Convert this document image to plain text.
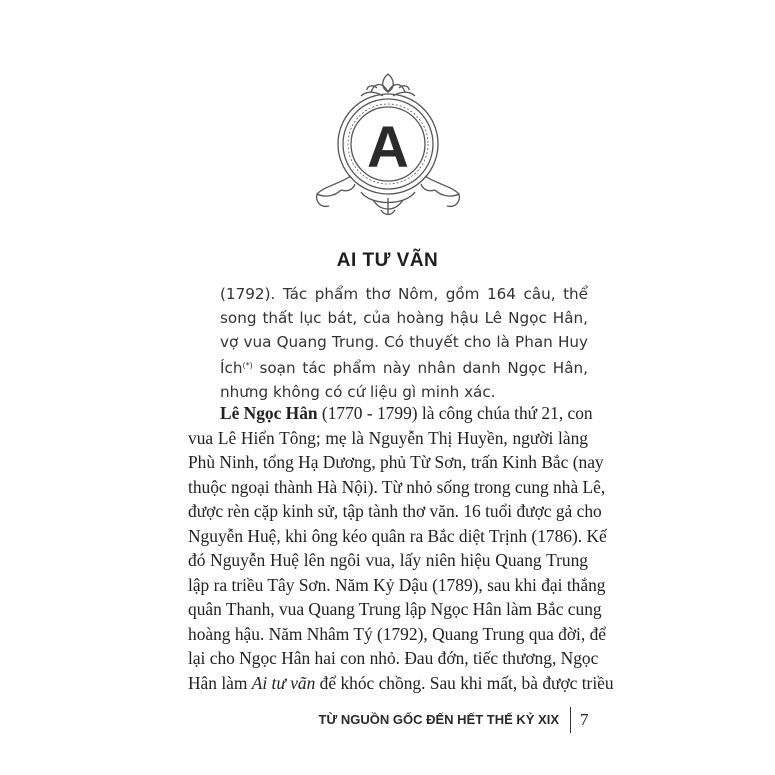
A
AI TƯ VÃN
(1792). Tác phẩm thơ Nôm, gồm 164 câu, thể song thất lục bát, của hoàng hậu Lê Ngọc Hân, vợ vua Quang Trung. Có thuyết cho là Phan Huy Ích(*) soạn tác phẩm này nhân danh Ngọc Hân, nhưng không có cứ liệu gì minh xác.
Lê Ngọc Hân (1770 - 1799) là công chúa thứ 21, con
vua Lê Hiển Tông; mẹ là Nguyễn Thị Huyền, người làng
Phù Ninh, tổng Hạ Dương, phủ Từ Sơn, trấn Kinh Bắc (nay
thuộc ngoại thành Hà Nội). Từ nhỏ sống trong cung nhà Lê,
được rèn cặp kinh sử, tập tành thơ văn. 16 tuổi được gả cho
Nguyễn Huệ, khi ông kéo quân ra Bắc diệt Trịnh (1786). Kế
đó Nguyễn Huệ lên ngôi vua, lấy niên hiệu Quang Trung
lập ra triều Tây Sơn. Năm Kỷ Dậu (1789), sau khi đại thắng
quân Thanh, vua Quang Trung lập Ngọc Hân làm Bắc cung
hoàng hậu. Năm Nhâm Tý (1792), Quang Trung qua đời, để
lại cho Ngọc Hân hai con nhỏ. Đau đớn, tiếc thương, Ngọc
Hân làm Ai tư vãn để khóc chồng. Sau khi mất, bà được triều
TỪ NGUỒN GỐC ĐẾN HẾT THẾ KỶ XIX 7
